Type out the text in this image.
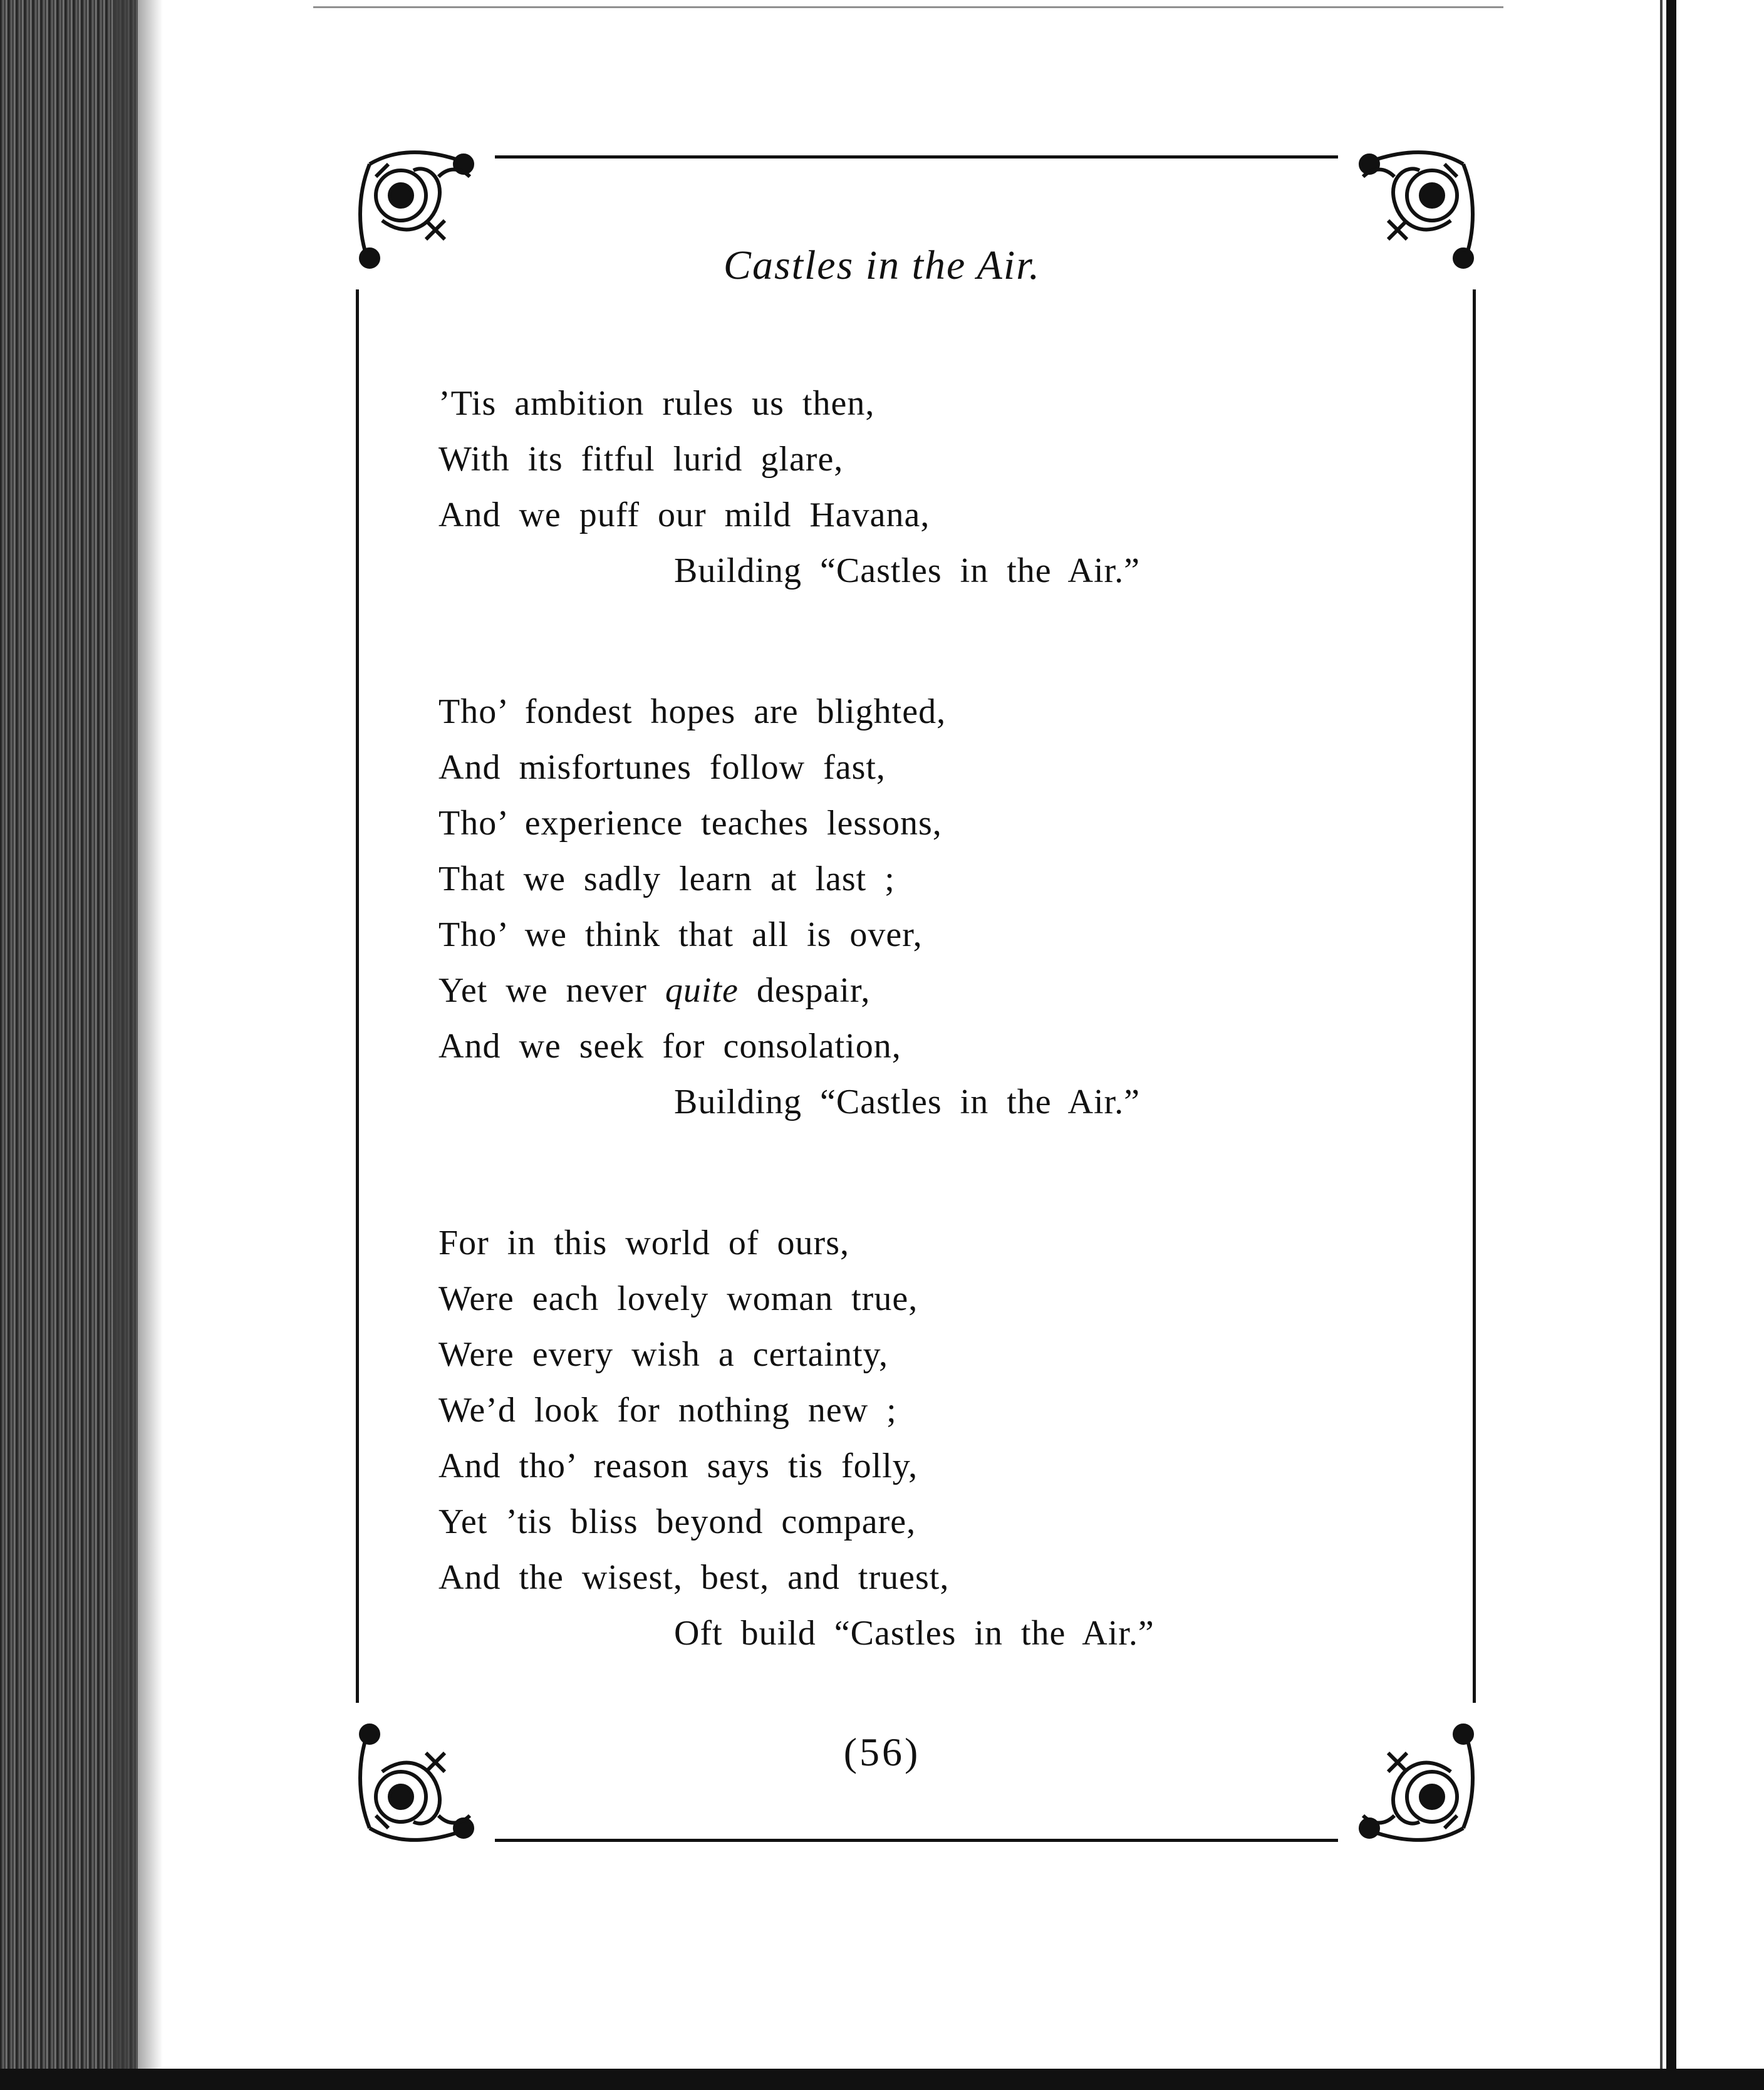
Castles in the Air.
’Tis ambition rules us then,
With its fitful lurid glare,
And we puff our mild Havana,
Building “Castles in the Air.”
Tho’ fondest hopes are blighted,
And misfortunes follow fast,
Tho’ experience teaches lessons,
That we sadly learn at last ;
Tho’ we think that all is over,
Yet we never quite despair,
And we seek for consolation,
Building “Castles in the Air.”
For in this world of ours,
Were each lovely woman true,
Were every wish a certainty,
We’d look for nothing new ;
And tho’ reason says tis folly,
Yet ’tis bliss beyond compare,
And the wisest, best, and truest,
Oft build “Castles in the Air.”
(56)
